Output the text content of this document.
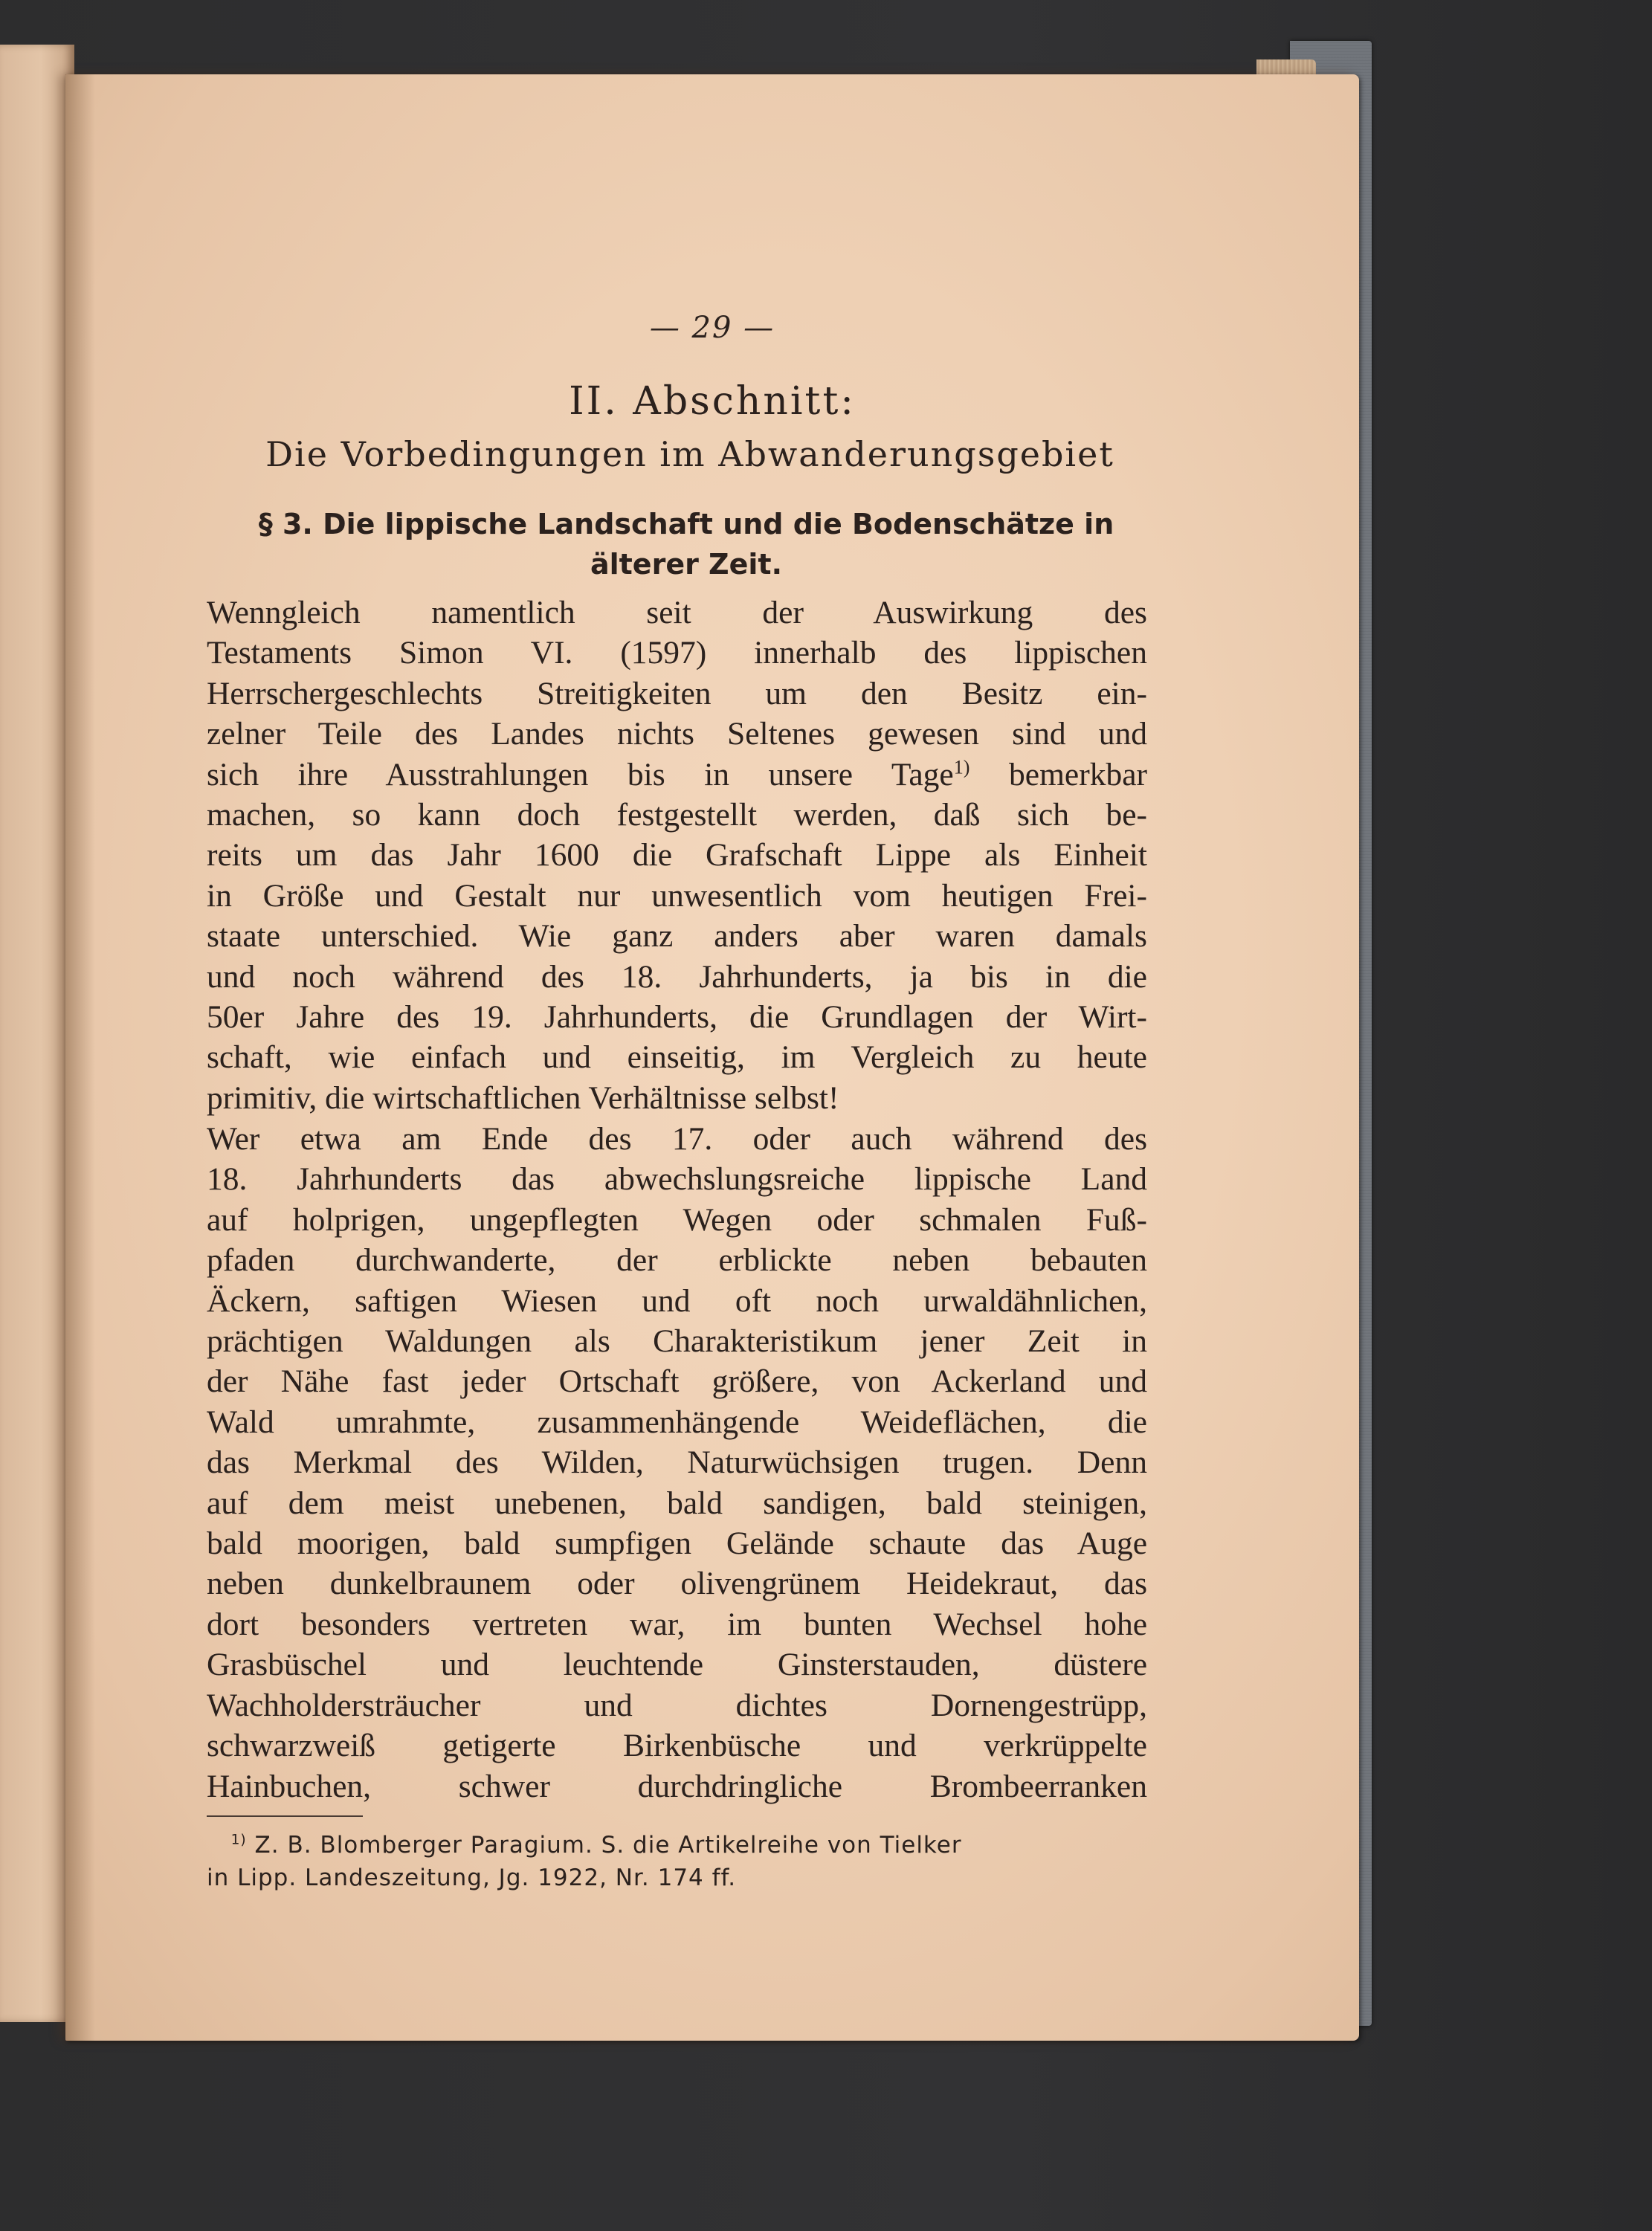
— 29 —
II. Abschnitt:
Die Vorbedingungen im Abwanderungsgebiet
§ 3. Die lippische Landschaft und die Bodenschätze in
älterer Zeit.
Wenngleich namentlich seit der Auswirkung des
Testaments Simon VI. (1597) innerhalb des lippischen
Herrschergeschlechts Streitigkeiten um den Besitz ein-
zelner Teile des Landes nichts Seltenes gewesen sind und
sich ihre Ausstrahlungen bis in unsere Tage$^{1)}$ bemerkbar
machen, so kann doch festgestellt werden, daß sich be-
reits um das Jahr 1600 die Grafschaft Lippe als Einheit
in Größe und Gestalt nur unwesentlich vom heutigen Frei-
staate unterschied. Wie ganz anders aber waren damals
und noch während des 18. Jahrhunderts, ja bis in die
50er Jahre des 19. Jahrhunderts, die Grundlagen der Wirt-
schaft, wie einfach und einseitig, im Vergleich zu heute
primitiv, die wirtschaftlichen Verhältnisse selbst!
Wer etwa am Ende des 17. oder auch während des
18. Jahrhunderts das abwechslungsreiche lippische Land
auf holprigen, ungepflegten Wegen oder schmalen Fuß-
pfaden durchwanderte, der erblickte neben bebauten
Äckern, saftigen Wiesen und oft noch urwaldähnlichen,
prächtigen Waldungen als Charakteristikum jener Zeit in
der Nähe fast jeder Ortschaft größere, von Ackerland und
Wald umrahmte, zusammenhängende Weideflächen, die
das Merkmal des Wilden, Naturwüchsigen trugen. Denn
auf dem meist unebenen, bald sandigen, bald steinigen,
bald moorigen, bald sumpfigen Gelände schaute das Auge
neben dunkelbraunem oder olivengrünem Heidekraut, das
dort besonders vertreten war, im bunten Wechsel hohe
Grasbüschel und leuchtende Ginsterstauden, düstere
Wachholdersträucher und dichtes Dornengestrüpp,
schwarzweiß getigerte Birkenbüsche und verkrüppelte
Hainbuchen, schwer durchdringliche Brombeerranken
$^{1)}$ Z. B. Blomberger Paragium. S. die Artikelreihe von Tielker
in Lipp. Landeszeitung, Jg. 1922, Nr. 174 ff.
